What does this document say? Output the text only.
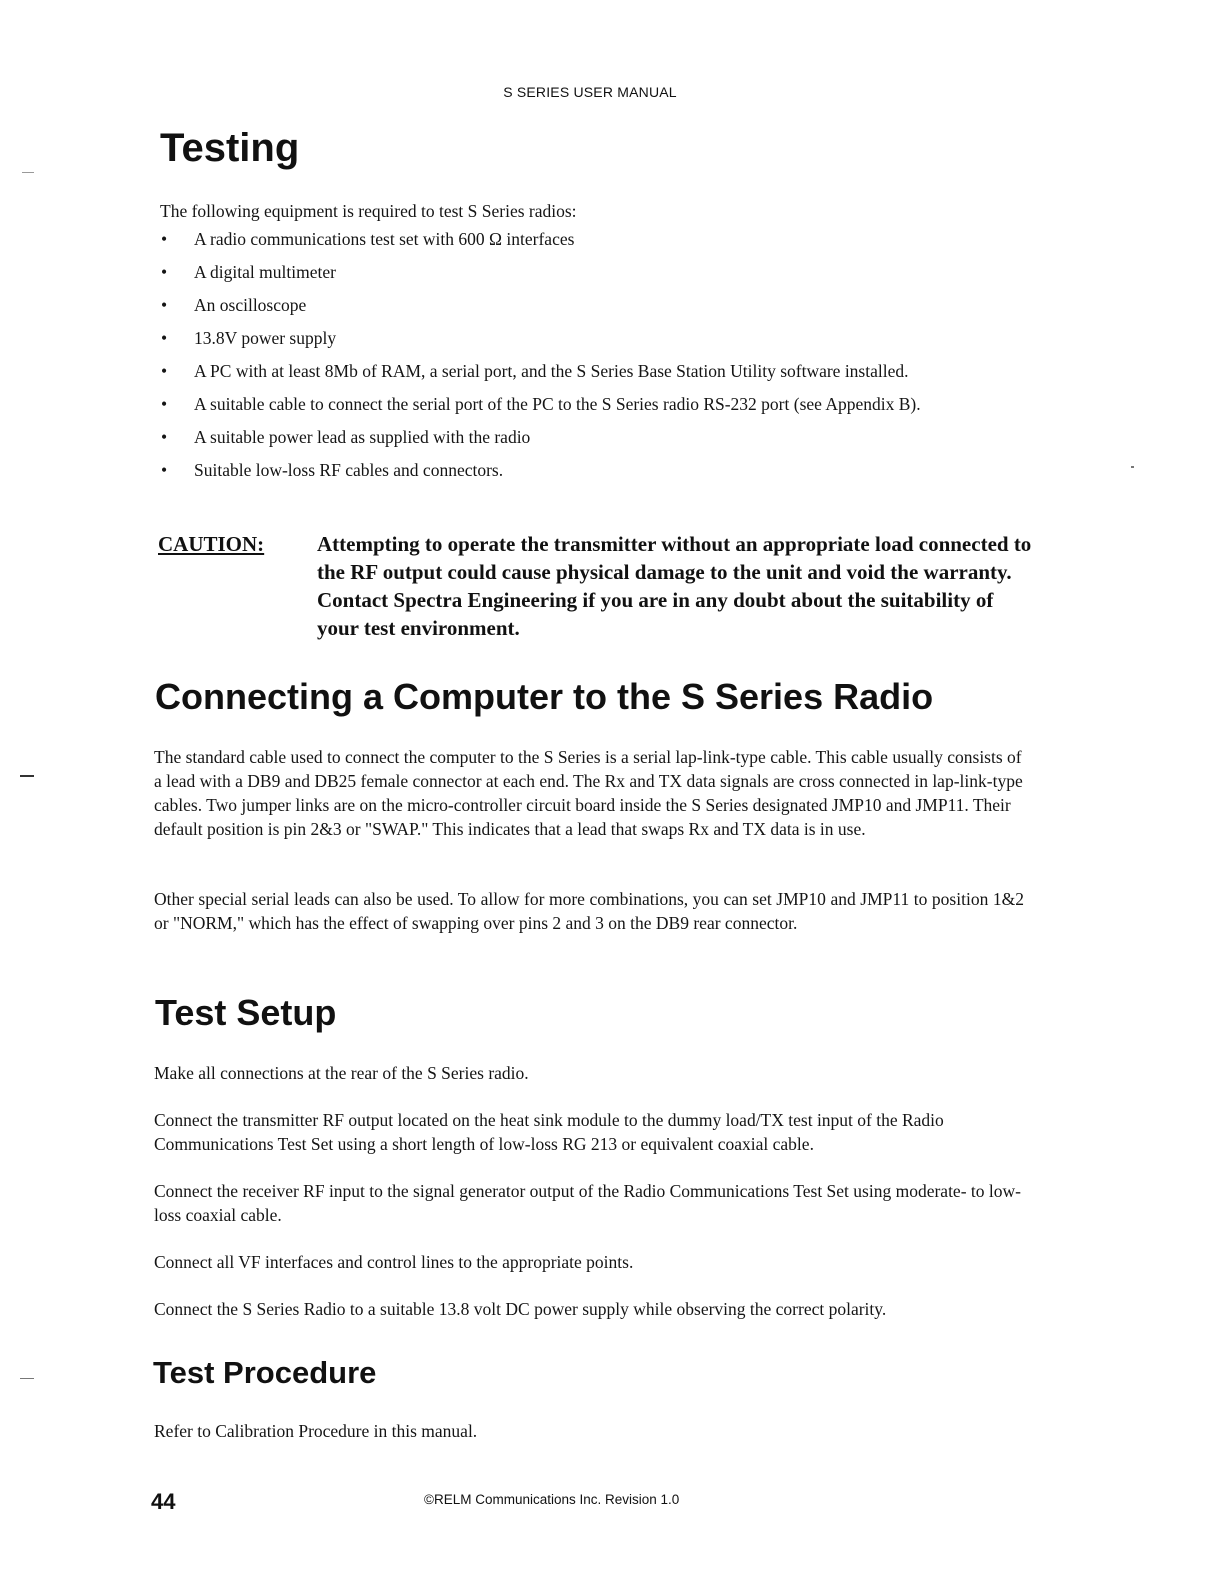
S SERIES USER MANUAL
Testing
The following equipment is required to test S Series radios:
• A radio communications test set with 600 Ω interfaces
• A digital multimeter
• An oscilloscope
• 13.8V power supply
• A PC with at least 8Mb of RAM, a serial port, and the S Series Base Station Utility software installed.
• A suitable cable to connect the serial port of the PC to the S Series radio RS-232 port (see Appendix B).
• A suitable power lead as supplied with the radio
• Suitable low-loss RF cables and connectors.
CAUTION:	Attempting to operate the transmitter without an appropriate load connected to the RF output could cause physical damage to the unit and void the warranty. Contact Spectra Engineering if you are in any doubt about the suitability of your test environment.
Connecting a Computer to the S Series Radio

The standard cable used to connect the computer to the S Series is a serial lap-link-type cable. This cable usually consists of a lead with a DB9 and DB25 female connector at each end. The Rx and TX data signals are cross connected in lap-link-type cables. Two jumper links are on the micro-controller circuit board inside the S Series designated JMP10 and JMP11. Their default position is pin 2&3 or "SWAP." This indicates that a lead that swaps Rx and TX data is in use.

Other special serial leads can also be used. To allow for more combinations, you can set JMP10 and JMP11 to position 1&2 or "NORM," which has the effect of swapping over pins 2 and 3 on the DB9 rear connector.

Test Setup

Make all connections at the rear of the S Series radio.

Connect the transmitter RF output located on the heat sink module to the dummy load/TX test input of the Radio Communications Test Set using a short length of low-loss RG 213 or equivalent coaxial cable.

Connect the receiver RF input to the signal generator output of the Radio Communications Test Set using moderate- to low-loss coaxial cable.

Connect all VF interfaces and control lines to the appropriate points.

Connect the S Series Radio to a suitable 13.8 volt DC power supply while observing the correct polarity.

Test Procedure

Refer to Calibration Procedure in this manual.

44	©RELM Communications Inc. Revision 1.0
